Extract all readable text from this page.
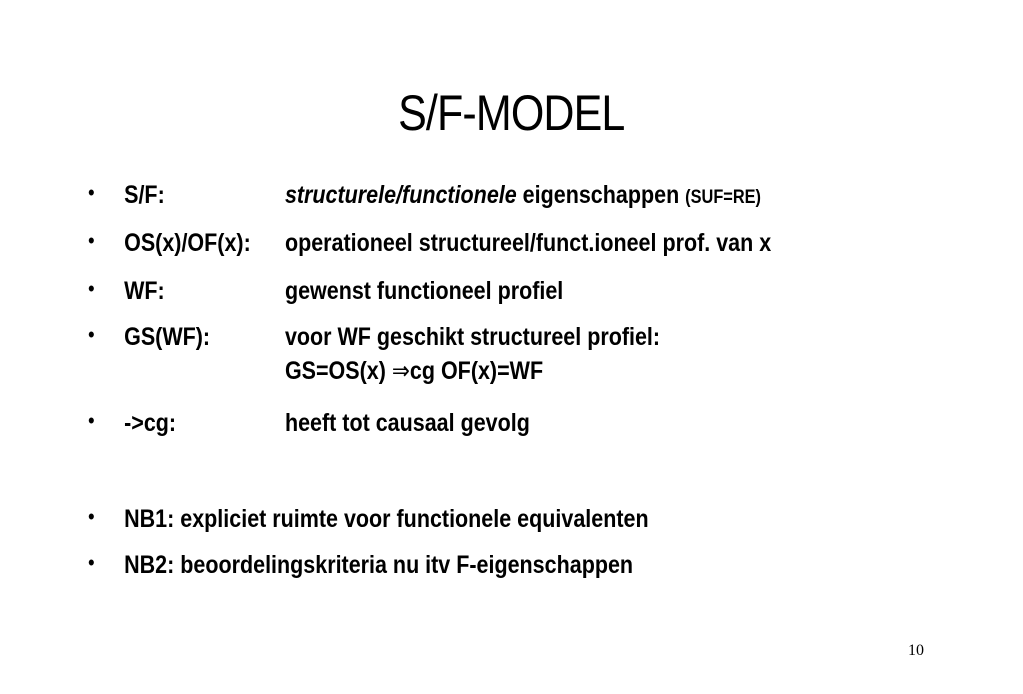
S/F-MODEL
• S/F:	structurele/functionele eigenschappen (SUF=RE)
• OS(x)/OF(x): operationeel structureel/funct.ioneel prof. van x
• WF:	gewenst functioneel profiel
• GS(WF):	voor WF geschikt structureel profiel:
GS=OS(x) ⇒cg OF(x)=WF
• ->cg:	heeft tot causaal gevolg
• NB1: expliciet ruimte voor functionele equivalenten
• NB2: beoordelingskriteria nu itv F-eigenschappen
10
